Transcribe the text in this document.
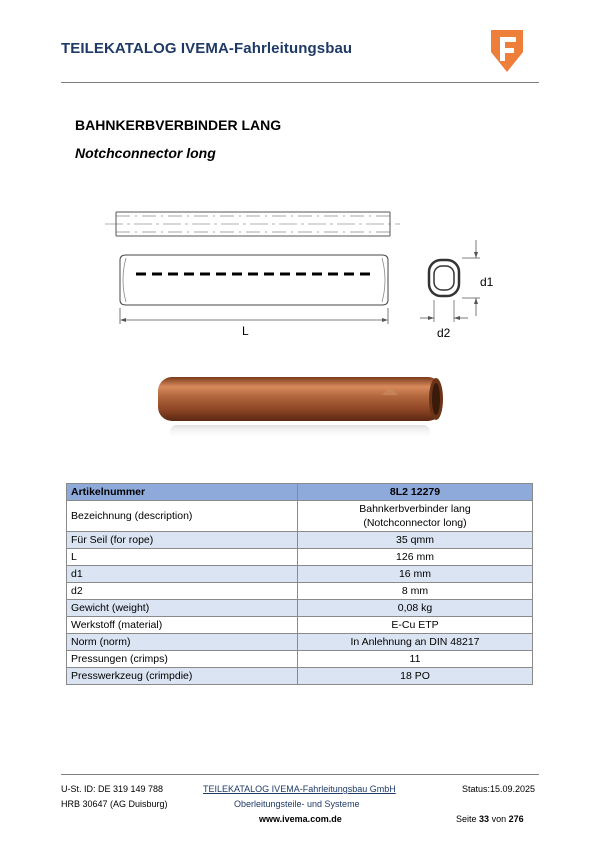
TEILEKATALOG IVEMA-Fahrleitungsbau
BAHNKERBVERBINDER LANG
Notchconnector long
L
d1
d2
Artikelnummer	8L2 12279
Bezeichnung (description)	Bahnkerbverbinder lang
(Notchconnector long)
Für Seil (for rope)	35 qmm
L	126 mm
d1	16 mm
d2	8 mm
Gewicht (weight)	0,08 kg
Werkstoff (material)	E-Cu ETP
Norm (norm)	In Anlehnung an DIN 48217
Pressungen (crimps)	11
Presswerkzeug (crimpdie)	18 PO
U-St. ID: DE 319 149 788
HRB 30647 (AG Duisburg)
TEILEKATALOG IVEMA-Fahrleitungsbau GmbH
Oberleitungsteile- und Systeme
www.ivema.com.de
Status:15.09.2025
Seite 33 von 276
